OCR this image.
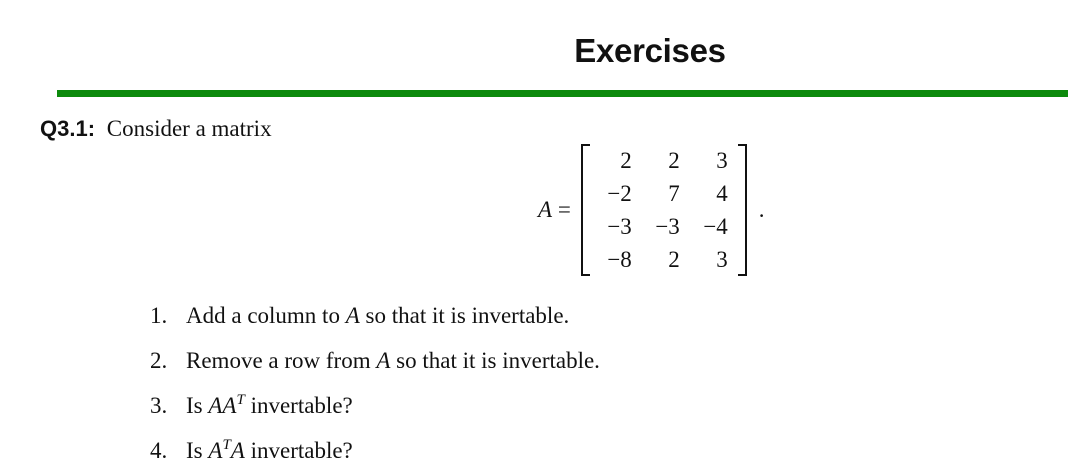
Exercises
Q3.1: Consider a matrix
A =
2	2	3
−2	7	4
−3	−3	−4
−8	2	3
.
1. Add a column to A so that it is invertable.
2. Remove a row from A so that it is invertable.
3. Is $AA^T$ invertable?
4. Is $A^TA$ invertable?
